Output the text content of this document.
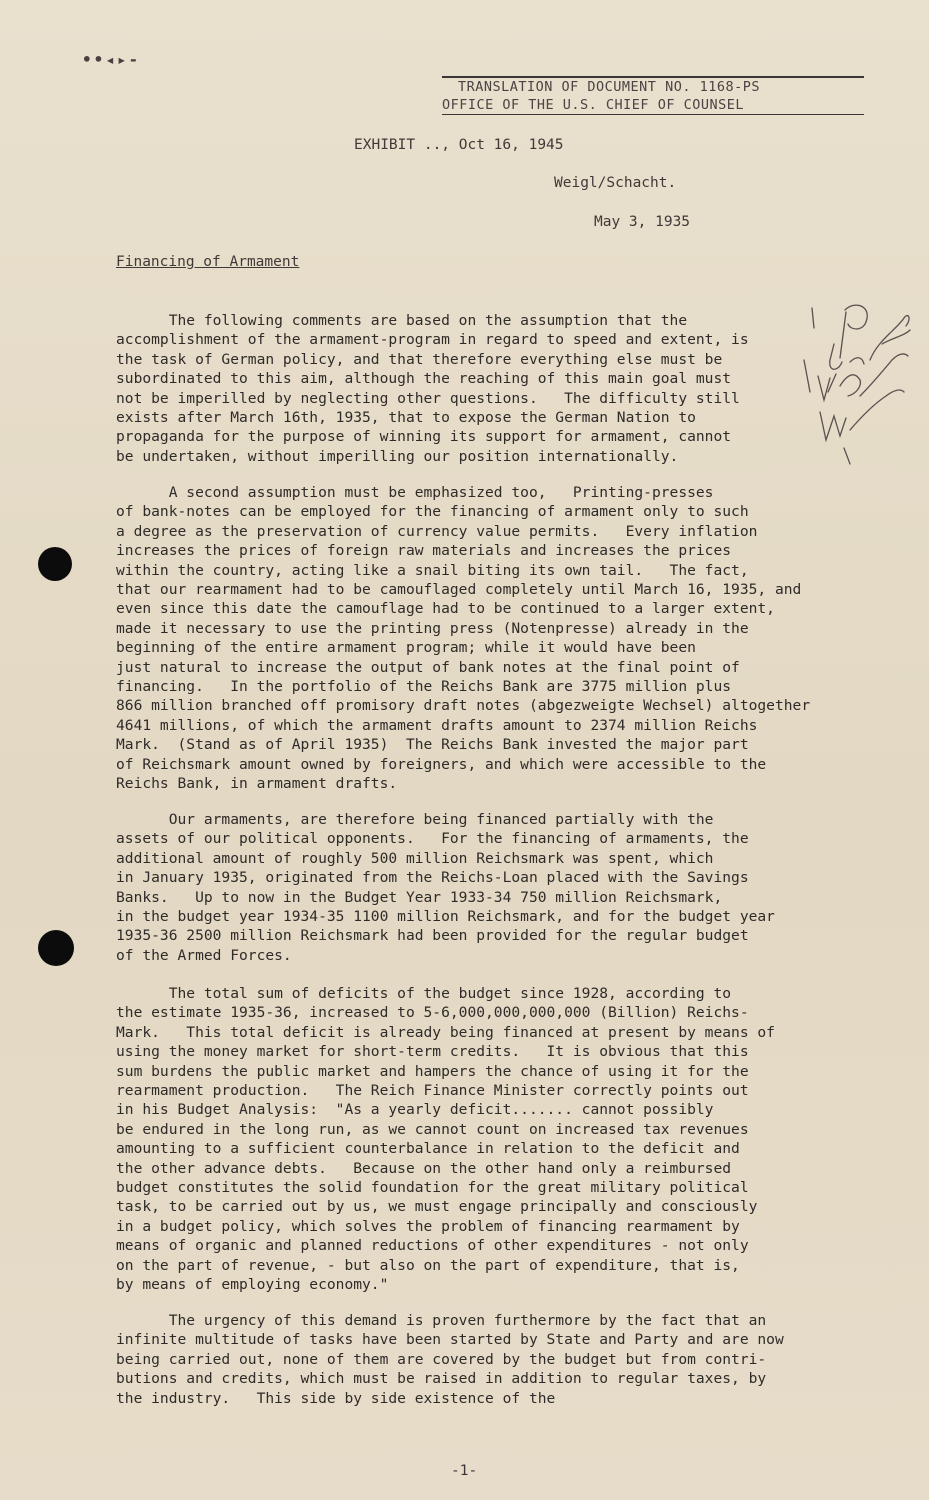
••◂▸-
TRANSLATION OF DOCUMENT NO. 1168-PS
OFFICE OF THE U.S. CHIEF OF COUNSEL
EXHIBIT .., Oct 16, 1945
Weigl/Schacht.
May 3, 1935
Financing of Armament
The following comments are based on the assumption that the
accomplishment of the armament-program in regard to speed and extent, is
the task of German policy, and that therefore everything else must be
subordinated to this aim, although the reaching of this main goal must
not be imperilled by neglecting other questions.   The difficulty still
exists after March 16th, 1935, that to expose the German Nation to
propaganda for the purpose of winning its support for armament, cannot
be undertaken, without imperilling our position internationally.
A second assumption must be emphasized too,   Printing-presses
of bank-notes can be employed for the financing of armament only to such
a degree as the preservation of currency value permits.   Every inflation
increases the prices of foreign raw materials and increases the prices
within the country, acting like a snail biting its own tail.   The fact,
that our rearmament had to be camouflaged completely until March 16, 1935, and
even since this date the camouflage had to be continued to a larger extent,
made it necessary to use the printing press (Notenpresse) already in the
beginning of the entire armament program; while it would have been
just natural to increase the output of bank notes at the final point of
financing.   In the portfolio of the Reichs Bank are 3775 million plus
866 million branched off promisory draft notes (abgezweigte Wechsel) altogether
4641 millions, of which the armament drafts amount to 2374 million Reichs
Mark.  (Stand as of April 1935)  The Reichs Bank invested the major part
of Reichsmark amount owned by foreigners, and which were accessible to the
Reichs Bank, in armament drafts.
Our armaments, are therefore being financed partially with the
assets of our political opponents.   For the financing of armaments, the
additional amount of roughly 500 million Reichsmark was spent, which
in January 1935, originated from the Reichs-Loan placed with the Savings
Banks.   Up to now in the Budget Year 1933-34 750 million Reichsmark,
in the budget year 1934-35 1100 million Reichsmark, and for the budget year
1935-36 2500 million Reichsmark had been provided for the regular budget
of the Armed Forces.
The total sum of deficits of the budget since 1928, according to
the estimate 1935-36, increased to 5-6,000,000,000,000 (Billion) Reichs-
Mark.   This total deficit is already being financed at present by means of
using the money market for short-term credits.   It is obvious that this
sum burdens the public market and hampers the chance of using it for the
rearmament production.   The Reich Finance Minister correctly points out
in his Budget Analysis:  "As a yearly deficit....... cannot possibly
be endured in the long run, as we cannot count on increased tax revenues
amounting to a sufficient counterbalance in relation to the deficit and
the other advance debts.   Because on the other hand only a reimbursed
budget constitutes the solid foundation for the great military political
task, to be carried out by us, we must engage principally and consciously
in a budget policy, which solves the problem of financing rearmament by
means of organic and planned reductions of other expenditures - not only
on the part of revenue, - but also on the part of expenditure, that is,
by means of employing economy."
The urgency of this demand is proven furthermore by the fact that an
infinite multitude of tasks have been started by State and Party and are now
being carried out, none of them are covered by the budget but from contri-
butions and credits, which must be raised in addition to regular taxes, by
the industry.   This side by side existence of the
-1-
